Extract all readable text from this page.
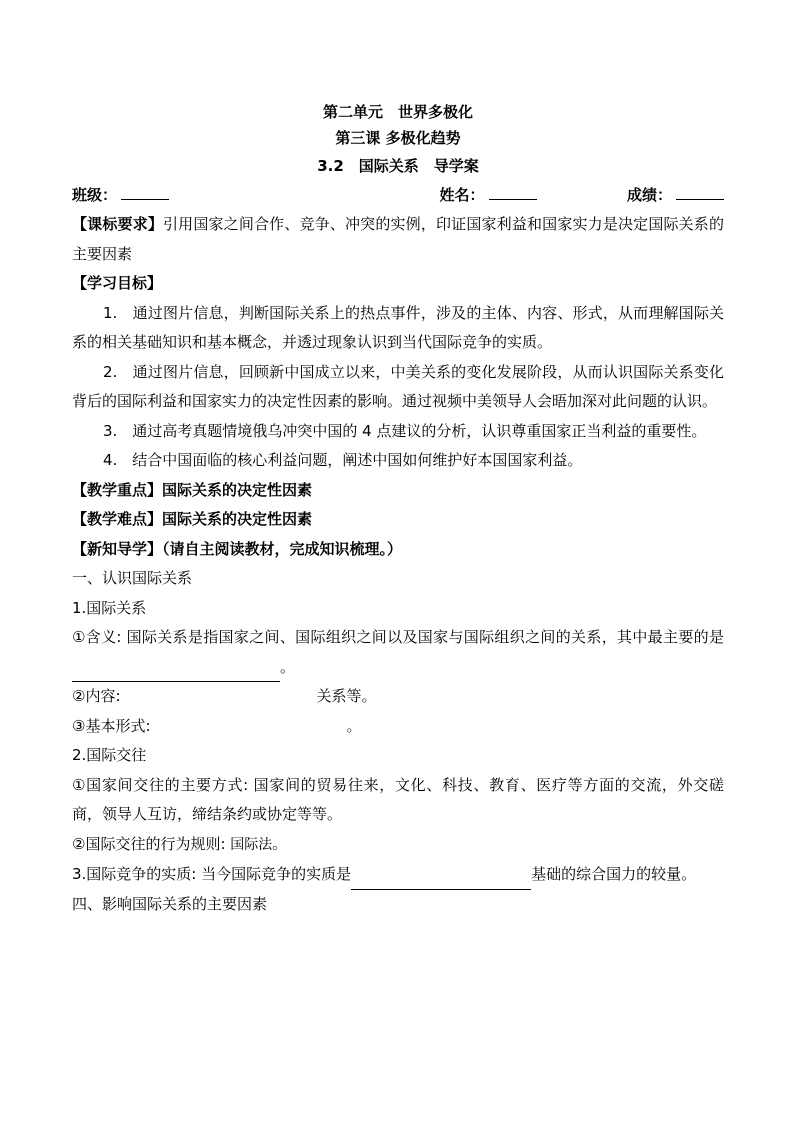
第二单元　世界多极化
第三课 多极化趋势
3.2　国际关系　导学案
班级：	姓名：	成绩：

【课标要求】引用国家之间合作、竞争、冲突的实例，印证国家利益和国家实力是决定国际关系的主要因素

【学习目标】

1.　通过图片信息，判断国际关系上的热点事件，涉及的主体、内容、形式，从而理解国际关系的相关基础知识和基本概念，并透过现象认识到当代国际竞争的实质。

2.　通过图片信息，回顾新中国成立以来，中美关系的变化发展阶段，从而认识国际关系变化背后的国际利益和国家实力的决定性因素的影响。通过视频中美领导人会晤加深对此问题的认识。

3.　通过高考真题情境俄乌冲突中国的 4 点建议的分析，认识尊重国家正当利益的重要性。

4.　结合中国面临的核心利益问题，阐述中国如何维护好本国国家利益。

【教学重点】国际关系的决定性因素

【教学难点】国际关系的决定性因素

【新知导学】（请自主阅读教材，完成知识梳理。）

一、认识国际关系

1.国际关系

①含义: 国际关系是指国家之间、国际组织之间以及国家与国际组织之间的关系，其中最主要的是。

②内容:	关系等。

③基本形式:	。

2.国际交往

①国家间交往的主要方式: 国家间的贸易往来，文化、科技、教育、医疗等方面的交流，外交磋商，领导人互访，缔结条约或协定等等。

②国际交往的行为规则: 国际法。

3.国际竞争的实质: 当今国际竞争的实质是	基础的综合国力的较量。

四、影响国际关系的主要因素
